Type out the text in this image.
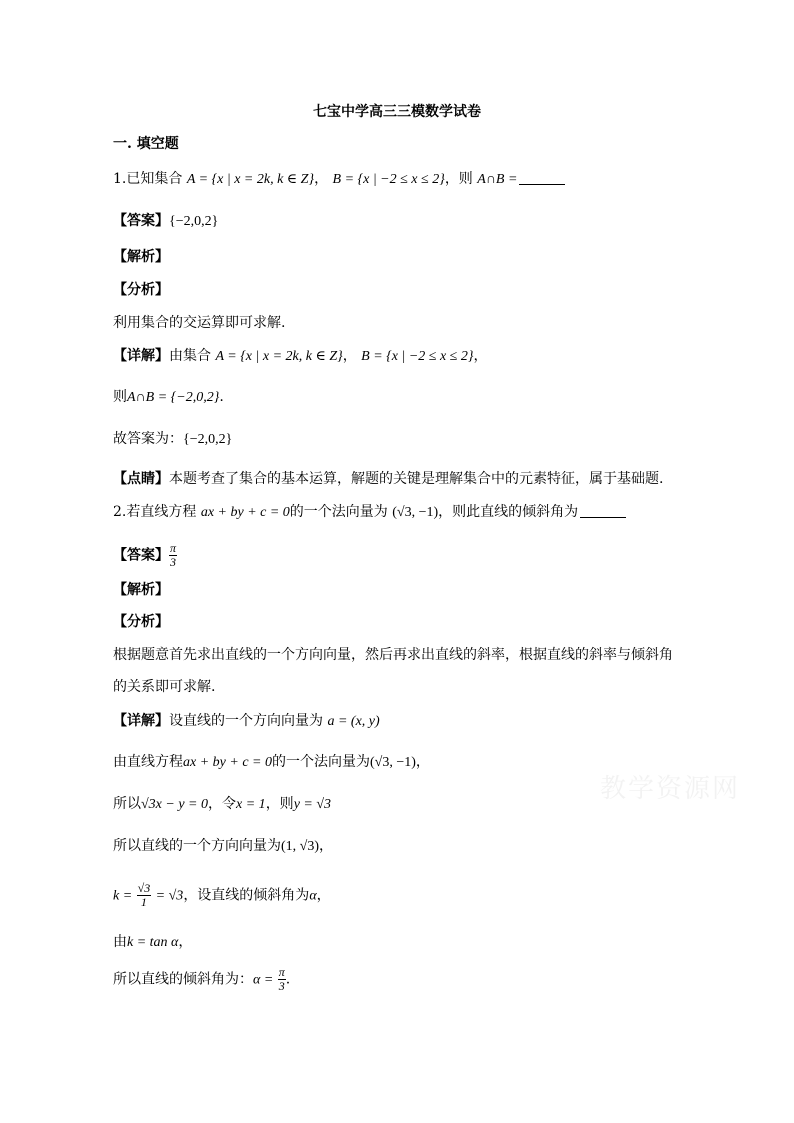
七宝中学高三三模数学试卷
一. 填空题
1.已知集合 A = {x | x = 2k, k ∈ Z}， B = {x | −2 ≤ x ≤ 2}，则 A∩B =
【答案】{−2,0,2}
【解析】
【分析】
利用集合的交运算即可求解.
【详解】由集合 A = {x | x = 2k, k ∈ Z}， B = {x | −2 ≤ x ≤ 2}，
则A∩B = {−2,0,2}.
故答案为：{−2,0,2}
【点睛】本题考查了集合的基本运算，解题的关键是理解集合中的元素特征，属于基础题.
2.若直线方程 ax + by + c = 0的一个法向量为 (√3, −1)，则此直线的倾斜角为
【答案】 $\frac{\pi}{3}$
【解析】
【分析】
根据题意首先求出直线的一个方向向量，然后再求出直线的斜率，根据直线的斜率与倾斜角
的关系即可求解.
【详解】设直线的一个方向向量为 a = (x, y)
由直线方程ax + by + c = 0的一个法向量为(√3, −1)，
所以√3x − y = 0，令x = 1，则y = √3
所以直线的一个方向向量为(1, √3)，
$k = \frac{√3}{1} = √3$，设直线的倾斜角为α，
由k = tan α，
所以直线的倾斜角为：$\alpha = \frac{\pi}{3}$ .
教学资源网
